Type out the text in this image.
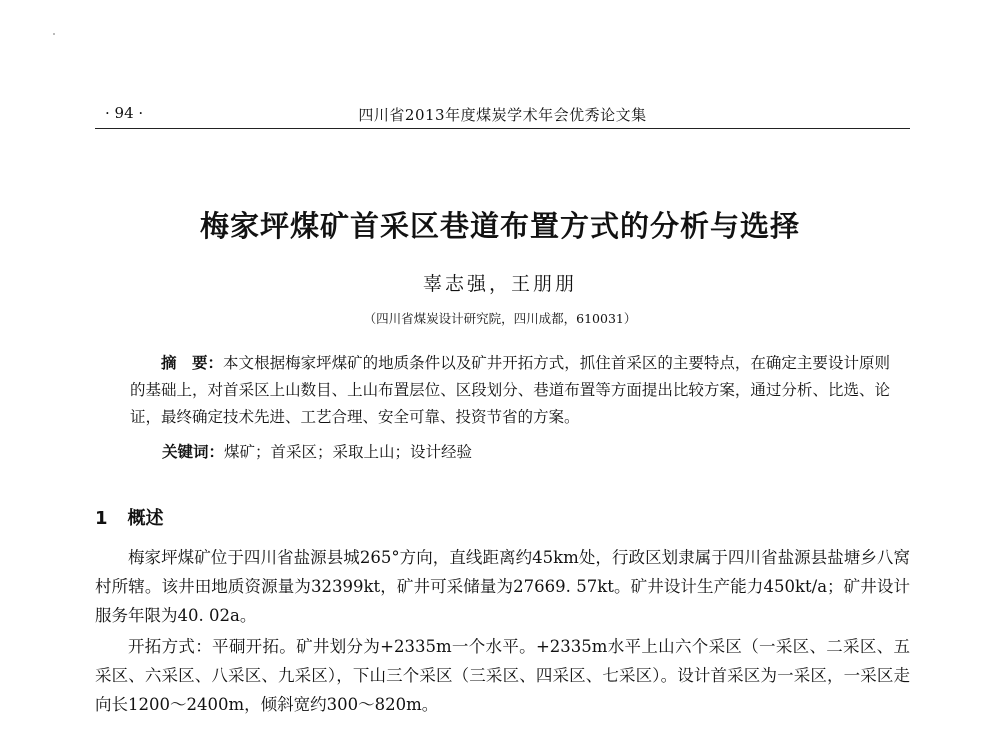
· 94 ·	四川省2013年度煤炭学术年会优秀论文集
梅家坪煤矿首采区巷道布置方式的分析与选择
辜志强，王朋朋
（四川省煤炭设计研究院，四川成都，610031）

摘　要：本文根据梅家坪煤矿的地质条件以及矿井开拓方式，抓住首采区的主要特点，在确定主要设计原则的基础上，对首采区上山数目、上山布置层位、区段划分、巷道布置等方面提出比较方案，通过分析、比选、论证，最终确定技术先进、工艺合理、安全可靠、投资节省的方案。

关键词：煤矿；首采区；采取上山；设计经验
1 概述

梅家坪煤矿位于四川省盐源县城265°方向，直线距离约45km处，行政区划隶属于四川省盐源县盐塘乡八窝村所辖。该井田地质资源量为32399kt，矿井可采储量为27669. 57kt。矿井设计生产能力450kt/a；矿井设计服务年限为40. 02a。

开拓方式：平硐开拓。矿井划分为+2335m一个水平。+2335m水平上山六个采区（一采区、二采区、五采区、六采区、八采区、九采区），下山三个采区（三采区、四采区、七采区）。设计首采区为一采区，一采区走向长1200～2400m，倾斜宽约300～820m。
